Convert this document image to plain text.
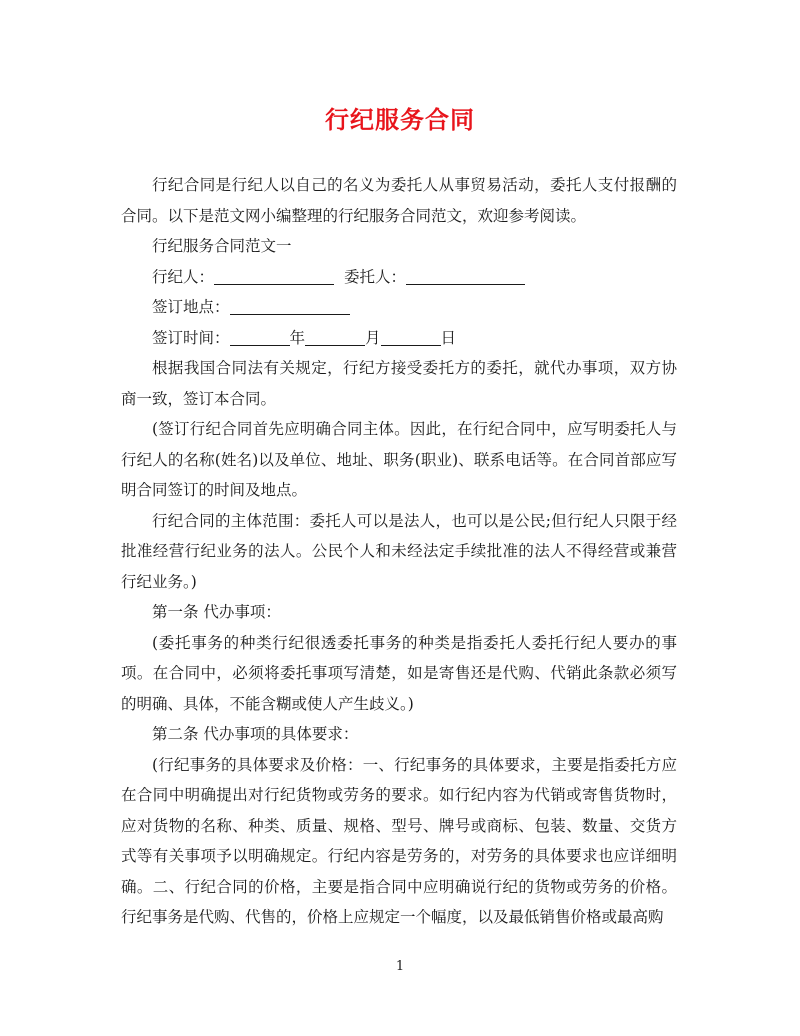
行纪服务合同

行纪合同是行纪人以自己的名义为委托人从事贸易活动，委托人支付报酬的合同。以下是范文网小编整理的行纪服务合同范文，欢迎参考阅读。

行纪服务合同范文一

行纪人：	委托人：

签订地点：

签订时间：	年	月	日

根据我国合同法有关规定，行纪方接受委托方的委托，就代办事项，双方协商一致，签订本合同。

(签订行纪合同首先应明确合同主体。因此，在行纪合同中，应写明委托人与行纪人的名称(姓名)以及单位、地址、职务(职业)、联系电话等。在合同首部应写明合同签订的时间及地点。

行纪合同的主体范围：委托人可以是法人，也可以是公民;但行纪人只限于经批准经营行纪业务的法人。公民个人和未经法定手续批准的法人不得经营或兼营行纪业务。)

第一条 代办事项：

(委托事务的种类行纪很透委托事务的种类是指委托人委托行纪人要办的事项。在合同中，必须将委托事项写清楚，如是寄售还是代购、代销此条款必须写的明确、具体，不能含糊或使人产生歧义。)

第二条 代办事项的具体要求：

(行纪事务的具体要求及价格：一、行纪事务的具体要求，主要是指委托方应在合同中明确提出对行纪货物或劳务的要求。如行纪内容为代销或寄售货物时，应对货物的名称、种类、质量、规格、型号、牌号或商标、包装、数量、交货方式等有关事项予以明确规定。行纪内容是劳务的，对劳务的具体要求也应详细明确。二、行纪合同的价格，主要是指合同中应明确说行纪的货物或劳务的价格。行纪事务是代购、代售的，价格上应规定一个幅度，以及最低销售价格或最高购

1
